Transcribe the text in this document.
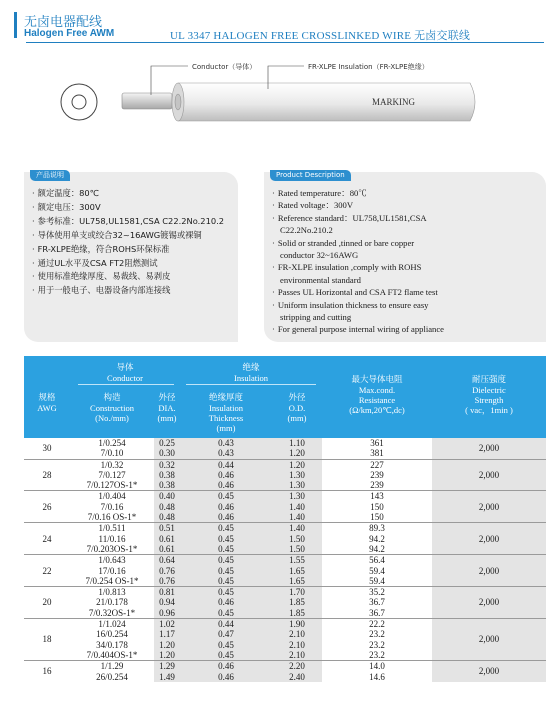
无卤电器配线
Halogen Free AWM	UL 3347 HALOGEN FREE CROSSLINKED WIRE 无卤交联线
Conductor（导体）	FR-XLPE Insulation（FR-XLPE绝缘）
MARKING
产品说明
· 额定温度：80℃
· 额定电压：300V
· 参考标准：UL758,UL1581,CSA C22.2No.210.2
· 导体使用单支或绞合32~16AWG镀锡或裸铜
· FR-XLPE绝缘，符合ROHS环保标准
· 通过UL水平及CSA FT2阻燃测试
· 使用标准绝缘厚度、易裁线、易剥皮
· 用于一般电子、电器设备内部连接线
Product Description
· Rated temperature：80℃
· Rated voltage：300V
· Reference standard：UL758,UL1581,CSA
C22.2No.210.2
· Solid or stranded ,tinned or bare copper
conductor 32~16AWG
· FR-XLPE insulation ,comply with ROHS
environmental standard
· Passes UL Horizontal and CSA FT2 flame test
· Uniform insulation thickness to ensure easy
stripping and cutting
· For general purpose internal wiring of appliance
导体
Conductor
绝缘
Insulation
规格
AWG
构造
Construction
(No./mm)
外径
DIA.
(mm)
绝缘厚度
Insulation
Thickness
(mm)
外径
O.D.
(mm)
最大导体电阻
Max.cond.
Resistance
(Ω/km,20℃,dc)
耐压强度
Dielectric
Strength
( vac，1min )
30	1/0.254	0.25	0.43	1.10	361	2,000
	7/0.10	0.30	0.43	1.20	381	
28	1/0.32	0.32	0.44	1.20	227	2,000
	7/0.127	0.38	0.46	1.30	239	
	7/0.127OS-1*	0.38	0.46	1.30	239	
26	1/0.404	0.40	0.45	1.30	143	2,000
	7/0.16	0.48	0.46	1.40	150	
	7/0.16 OS-1*	0.48	0.46	1.40	150	
24	1/0.511	0.51	0.45	1.40	89.3	2,000
	11/0.16	0.61	0.45	1.50	94.2	
	7/0.203OS-1*	0.61	0.45	1.50	94.2	
22	1/0.643	0.64	0.45	1.55	56.4	2,000
	17/0.16	0.76	0.45	1.65	59.4	
	7/0.254 OS-1*	0.76	0.45	1.65	59.4	
20	1/0.813	0.81	0.45	1.70	35.2	2,000
	21/0.178	0.94	0.46	1.85	36.7	
	7/0.32OS-1*	0.96	0.45	1.85	36.7	
18	1/1.024	1.02	0.44	1.90	22.2	2,000
	16/0.254	1.17	0.47	2.10	23.2	
	34/0.178	1.20	0.45	2.10	23.2	
	7/0.404OS-1*	1.20	0.45	2.10	23.2	
16	1/1.29	1.29	0.46	2.20	14.0	2,000
	26/0.254	1.49	0.46	2.40	14.6	
